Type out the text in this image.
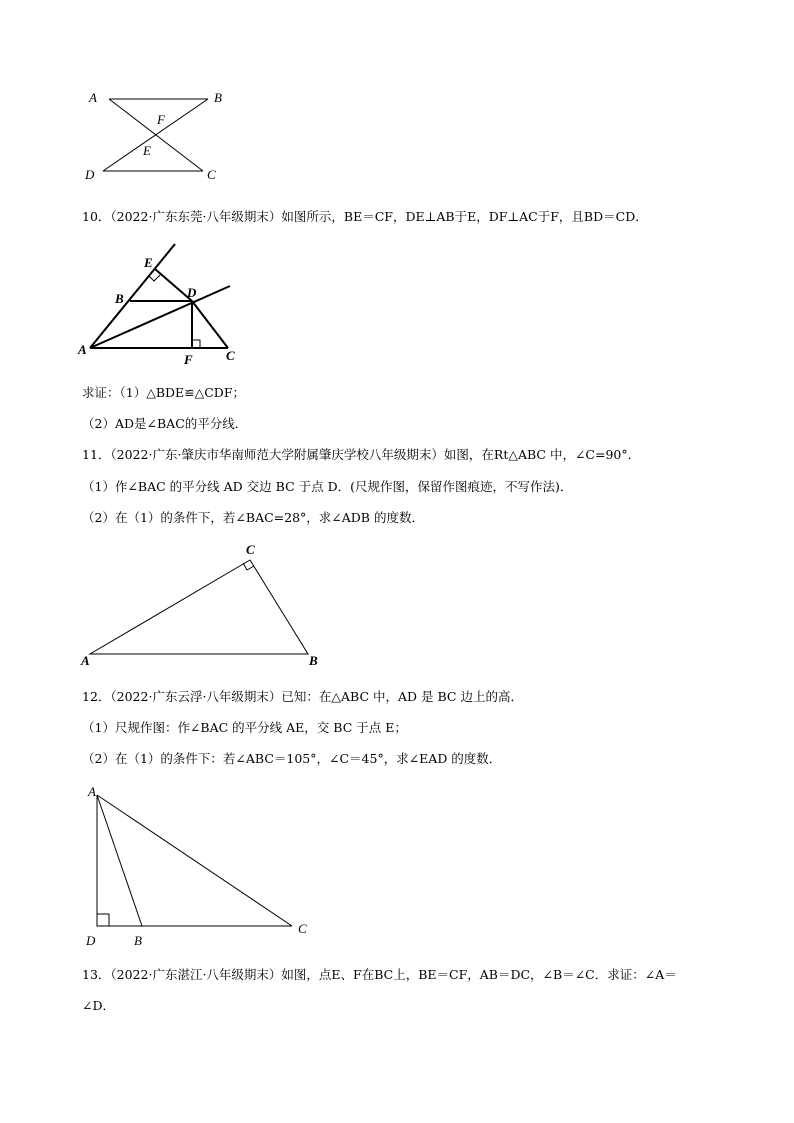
A	B
F
E
D	C
10．（2022·广东东莞·八年级期末）如图所示，BE＝CF，DE⊥AB于E，DF⊥AC于F，且BD＝CD．
E
B	D
A
F	C
求证：（1）△BDE≌△CDF；
（2）AD是∠BAC的平分线．
11．（2022·广东·肇庆市华南师范大学附属肇庆学校八年级期末）如图，在Rt△ABC 中，∠C=90°．
（1）作∠BAC 的平分线 AD 交边 BC 于点 D．(尺规作图，保留作图痕迹，不写作法)．
（2）在（1）的条件下，若∠BAC=28°，求∠ADB 的度数．
C
A	B
12．（2022·广东云浮·八年级期末）已知：在△ABC 中，AD 是 BC 边上的高．
（1）尺规作图：作∠BAC 的平分线 AE，交 BC 于点 E；
（2）在（1）的条件下：若∠ABC＝105°，∠C＝45°，求∠EAD 的度数．
A
D	B
C
13．（2022·广东湛江·八年级期末）如图，点E、F在BC上，BE＝CF，AB＝DC，∠B＝∠C．求证：∠A＝
∠D．
